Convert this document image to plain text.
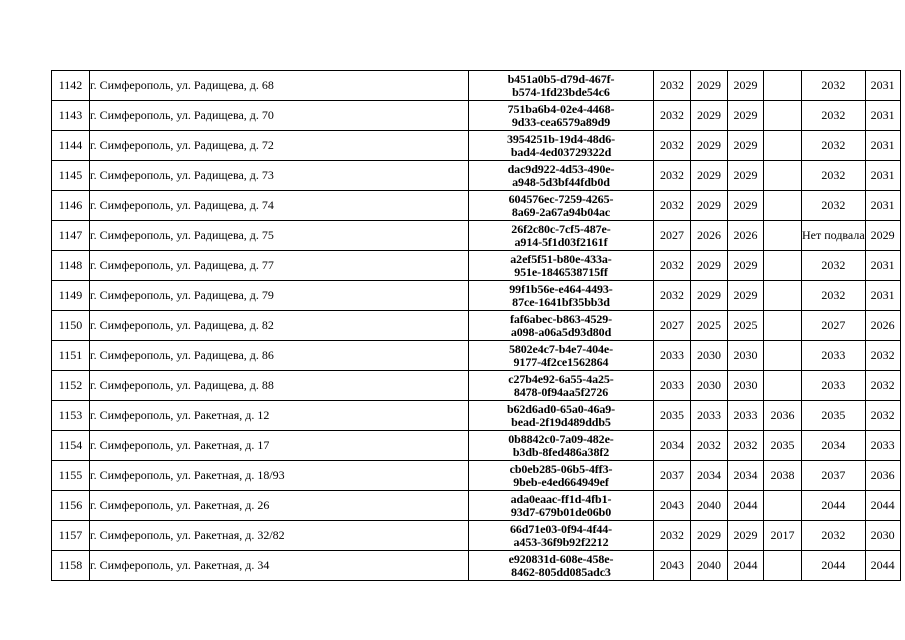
1142	г. Симферополь, ул. Радищева, д. 68	b451a0b5-d79d-467f-
b574-1fd23bde54c6	2032	2029	2029		2032	2031
1143	г. Симферополь, ул. Радищева, д. 70	751ba6b4-02e4-4468-
9d33-cea6579a89d9	2032	2029	2029		2032	2031
1144	г. Симферополь, ул. Радищева, д. 72	3954251b-19d4-48d6-
bad4-4ed03729322d	2032	2029	2029		2032	2031
1145	г. Симферополь, ул. Радищева, д. 73	dac9d922-4d53-490e-
a948-5d3bf44fdb0d	2032	2029	2029		2032	2031
1146	г. Симферополь, ул. Радищева, д. 74	604576ec-7259-4265-
8a69-2a67a94b04ac	2032	2029	2029		2032	2031
1147	г. Симферополь, ул. Радищева, д. 75	26f2c80c-7cf5-487e-
a914-5f1d03f2161f	2027	2026	2026		Нет подвала	2029
1148	г. Симферополь, ул. Радищева, д. 77	a2ef5f51-b80e-433a-
951e-1846538715ff	2032	2029	2029		2032	2031
1149	г. Симферополь, ул. Радищева, д. 79	99f1b56e-e464-4493-
87ce-1641bf35bb3d	2032	2029	2029		2032	2031
1150	г. Симферополь, ул. Радищева, д. 82	faf6abec-b863-4529-
a098-a06a5d93d80d	2027	2025	2025		2027	2026
1151	г. Симферополь, ул. Радищева, д. 86	5802e4c7-b4e7-404e-
9177-4f2ce1562864	2033	2030	2030		2033	2032
1152	г. Симферополь, ул. Радищева, д. 88	c27b4e92-6a55-4a25-
8478-0f94aa5f2726	2033	2030	2030		2033	2032
1153	г. Симферополь, ул. Ракетная, д. 12	b62d6ad0-65a0-46a9-
bead-2f19d489ddb5	2035	2033	2033	2036	2035	2032
1154	г. Симферополь, ул. Ракетная, д. 17	0b8842c0-7a09-482e-
b3db-8fed486a38f2	2034	2032	2032	2035	2034	2033
1155	г. Симферополь, ул. Ракетная, д. 18/93	cb0eb285-06b5-4ff3-
9beb-e4ed664949ef	2037	2034	2034	2038	2037	2036
1156	г. Симферополь, ул. Ракетная, д. 26	ada0eaac-ff1d-4fb1-
93d7-679b01de06b0	2043	2040	2044		2044	2044
1157	г. Симферополь, ул. Ракетная, д. 32/82	66d71e03-0f94-4f44-
a453-36f9b92f2212	2032	2029	2029	2017	2032	2030
1158	г. Симферополь, ул. Ракетная, д. 34	e920831d-608e-458e-
8462-805dd085adc3	2043	2040	2044		2044	2044
